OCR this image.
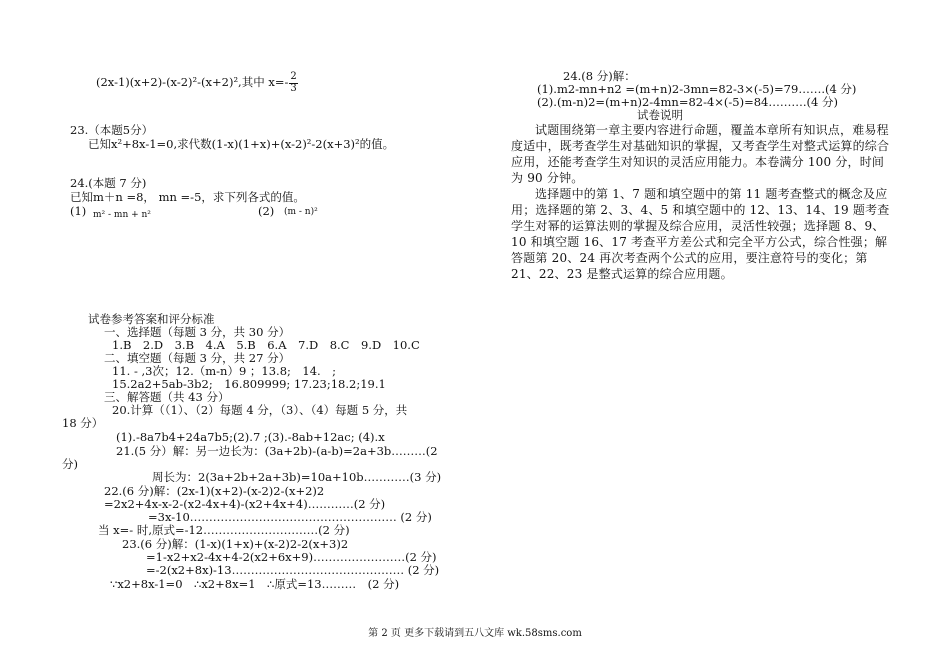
(2x-1)(x+2)-(x-2)²-(x+2)²,其中 $x=- \frac{2}{3}$
23.（本题5分）
已知x²+8x-1=0,求代数(1-x)(1+x)+(x-2)²-2(x+3)²的值。
24.(本题 7 分)
已知m＋n =8， mn =-5，求下列各式的值。
(1) m² - mn + n²	(2) (m - n)²
试卷参考答案和评分标准
一、选择题（每题 3 分，共 30 分）
1.B　2.D　3.B　4.A　5.B　6.A　7.D　8.C　9.D　10.C
二、填空题（每题 3 分，共 27 分）
11. - ,3次；12.（m-n）9 ；13.8;　14.　;
15.2a2+5ab-3b2;　16.809999; 17.23;18.2;19.1
三、解答题（共 43 分）
20.计算（（1）、（2）每题 4 分，（3）、（4）每题 5 分，共
18 分）
(1).-8a7b4+24a7b5;(2).7 ;(3).-8ab+12ac; (4).x
21.(5 分）解：另一边长为：(3a+2b)-(a-b)=2a+3b………(2
分)
周长为：2(3a+2b+2a+3b)=10a+10b…………(3 分)
22.(6 分)解：(2x-1)(x+2)-(x-2)2-(x+2)2
=2x2+4x-x-2-(x2-4x+4)-(x2+4x+4)…………(2 分)
=3x-10……………………………………………… (2 分)
当 x=- 时,原式=-12…………………………(2 分)
23.(6 分)解：(1-x)(1+x)+(x-2)2-2(x+3)2
=1-x2+x2-4x+4-2(x2+6x+9)……………………(2 分)
=-2(x2+8x)-13……………………………………… (2 分)
∵x2+8x-1=0　∴x2+8x=1　∴原式=13………　(2 分)
24.(8 分)解：
(1).m2-mn+n2 =(m+n)2-3mn=82-3×(-5)=79…….(4 分)
(2).(m-n)2=(m+n)2-4mn=82-4×(-5)=84……….(4 分)
试卷说明
试题围绕第一章主要内容进行命题，覆盖本章所有知识点，难易程度适中，既考查学生对基础知识的掌握，又考查学生对整式运算的综合应用，还能考查学生对知识的灵活应用能力。本卷满分 100 分，时间为 90 分钟。
选择题中的第 1、7 题和填空题中的第 11 题考查整式的概念及应用；选择题的第 2、3、4、5 和填空题中的 12、13、14、19 题考查学生对幂的运算法则的掌握及综合应用，灵活性较强；选择题 8、9、10 和填空题 16、17 考查平方差公式和完全平方公式，综合性强；解答题第 20、24 再次考查两个公式的应用，要注意符号的变化；第 21、22、23 是整式运算的综合应用题。
第 2 页 更多下载请到五八文库 wk.58sms.com
